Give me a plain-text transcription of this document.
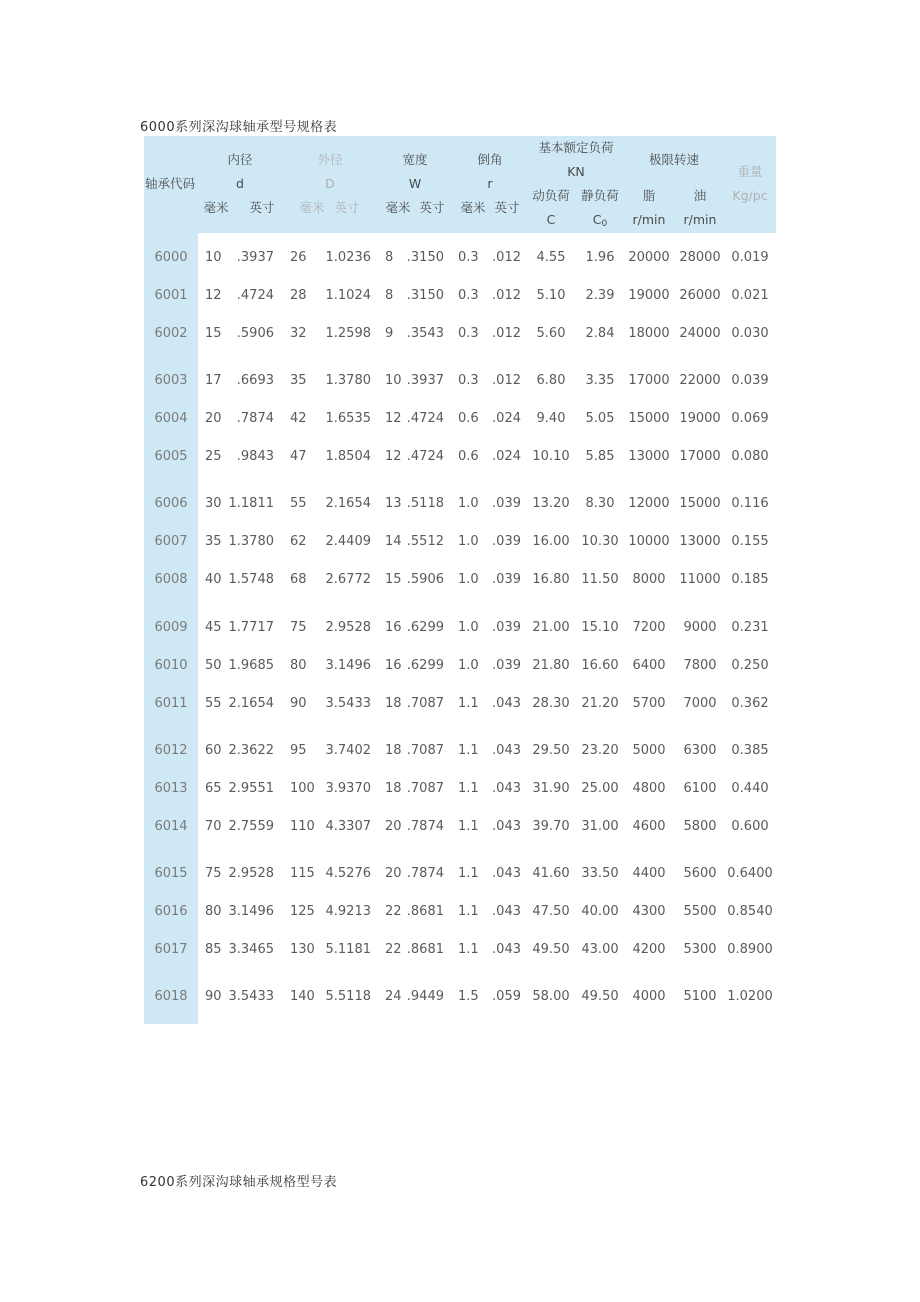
6000系列深沟球轴承型号规格表
轴承代码
内径
d
毫米 英寸
外径
D
毫米 英寸
宽度
W
毫米 英寸
倒角
r
毫米 英寸
基本额定负荷
KN
动负荷
C
静负荷
$C_0$
极限转速
脂
r/min
油
r/min
重量
Kg/pc
6000 10 .3937 26 1.0236 8 .3150 0.3 .012 4.55 1.96 20000 28000 0.019
6001 12 .4724 28 1.1024 8 .3150 0.3 .012 5.10 2.39 19000 26000 0.021
6002 15 .5906 32 1.2598 9 .3543 0.3 .012 5.60 2.84 18000 24000 0.030
6003 17 .6693 35 1.3780 10 .3937 0.3 .012 6.80 3.35 17000 22000 0.039
6004 20 .7874 42 1.6535 12 .4724 0.6 .024 9.40 5.05 15000 19000 0.069
6005 25 .9843 47 1.8504 12 .4724 0.6 .024 10.10 5.85 13000 17000 0.080
6006 30 1.1811 55 2.1654 13 .5118 1.0 .039 13.20 8.30 12000 15000 0.116
6007 35 1.3780 62 2.4409 14 .5512 1.0 .039 16.00 10.30 10000 13000 0.155
6008 40 1.5748 68 2.6772 15 .5906 1.0 .039 16.80 11.50 8000 11000 0.185
6009 45 1.7717 75 2.9528 16 .6299 1.0 .039 21.00 15.10 7200 9000 0.231
6010 50 1.9685 80 3.1496 16 .6299 1.0 .039 21.80 16.60 6400 7800 0.250
6011 55 2.1654 90 3.5433 18 .7087 1.1 .043 28.30 21.20 5700 7000 0.362
6012 60 2.3622 95 3.7402 18 .7087 1.1 .043 29.50 23.20 5000 6300 0.385
6013 65 2.9551 100 3.9370 18 .7087 1.1 .043 31.90 25.00 4800 6100 0.440
6014 70 2.7559 110 4.3307 20 .7874 1.1 .043 39.70 31.00 4600 5800 0.600
6015 75 2.9528 115 4.5276 20 .7874 1.1 .043 41.60 33.50 4400 5600 0.6400
6016 80 3.1496 125 4.9213 22 .8681 1.1 .043 47.50 40.00 4300 5500 0.8540
6017 85 3.3465 130 5.1181 22 .8681 1.1 .043 49.50 43.00 4200 5300 0.8900
6018 90 3.5433 140 5.5118 24 .9449 1.5 .059 58.00 49.50 4000 5100 1.0200
6200系列深沟球轴承规格型号表
